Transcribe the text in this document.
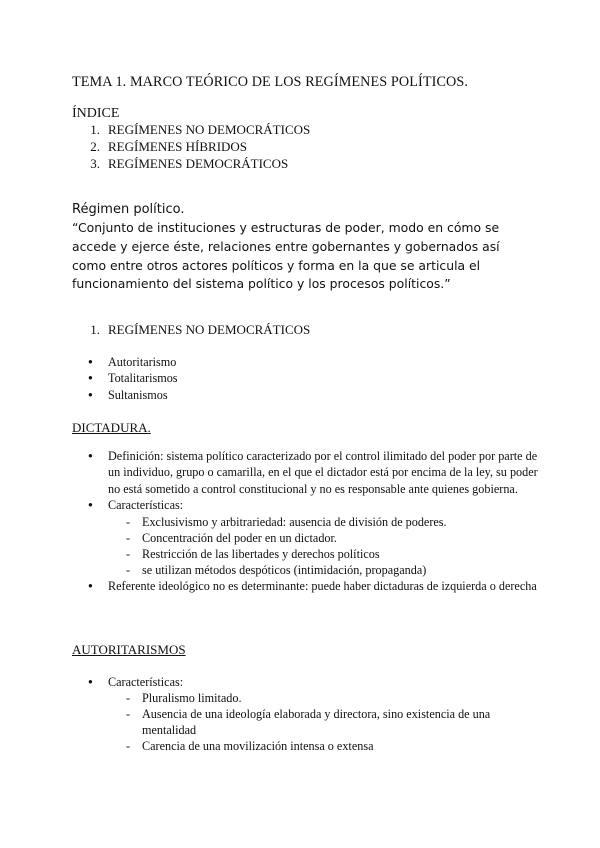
TEMA 1. MARCO TEÓRICO DE LOS REGÍMENES POLÍTICOS.
ÍNDICE
1. REGÍMENES NO DEMOCRÁTICOS
2. REGÍMENES HÍBRIDOS
3. REGÍMENES DEMOCRÁTICOS
Régimen político.
“Conjunto de instituciones y estructuras de poder, modo en cómo se accede y ejerce éste, relaciones entre gobernantes y gobernados así como entre otros actores políticos y forma en la que se articula el funcionamiento del sistema político y los procesos políticos.”
1. REGÍMENES NO DEMOCRÁTICOS
● Autoritarismo
● Totalitarismos
● Sultanismos
DICTADURA.
● Definición: sistema político caracterizado por el control ilimitado del poder por parte de un individuo, grupo o camarilla, en el que el dictador está por encima de la ley, su poder no está sometido a control constitucional y no es responsable ante quienes gobierna.
● Características:
- Exclusivismo y arbitrariedad: ausencia de división de poderes.
- Concentración del poder en un dictador.
- Restricción de las libertades y derechos políticos
- se utilizan métodos despóticos (intimidación, propaganda)
● Referente ideológico no es determinante: puede haber dictaduras de izquierda o derecha
AUTORITARISMOS
● Características:
- Pluralismo limitado.
- Ausencia de una ideología elaborada y directora, sino existencia de una mentalidad
- Carencia de una movilización intensa o extensa
